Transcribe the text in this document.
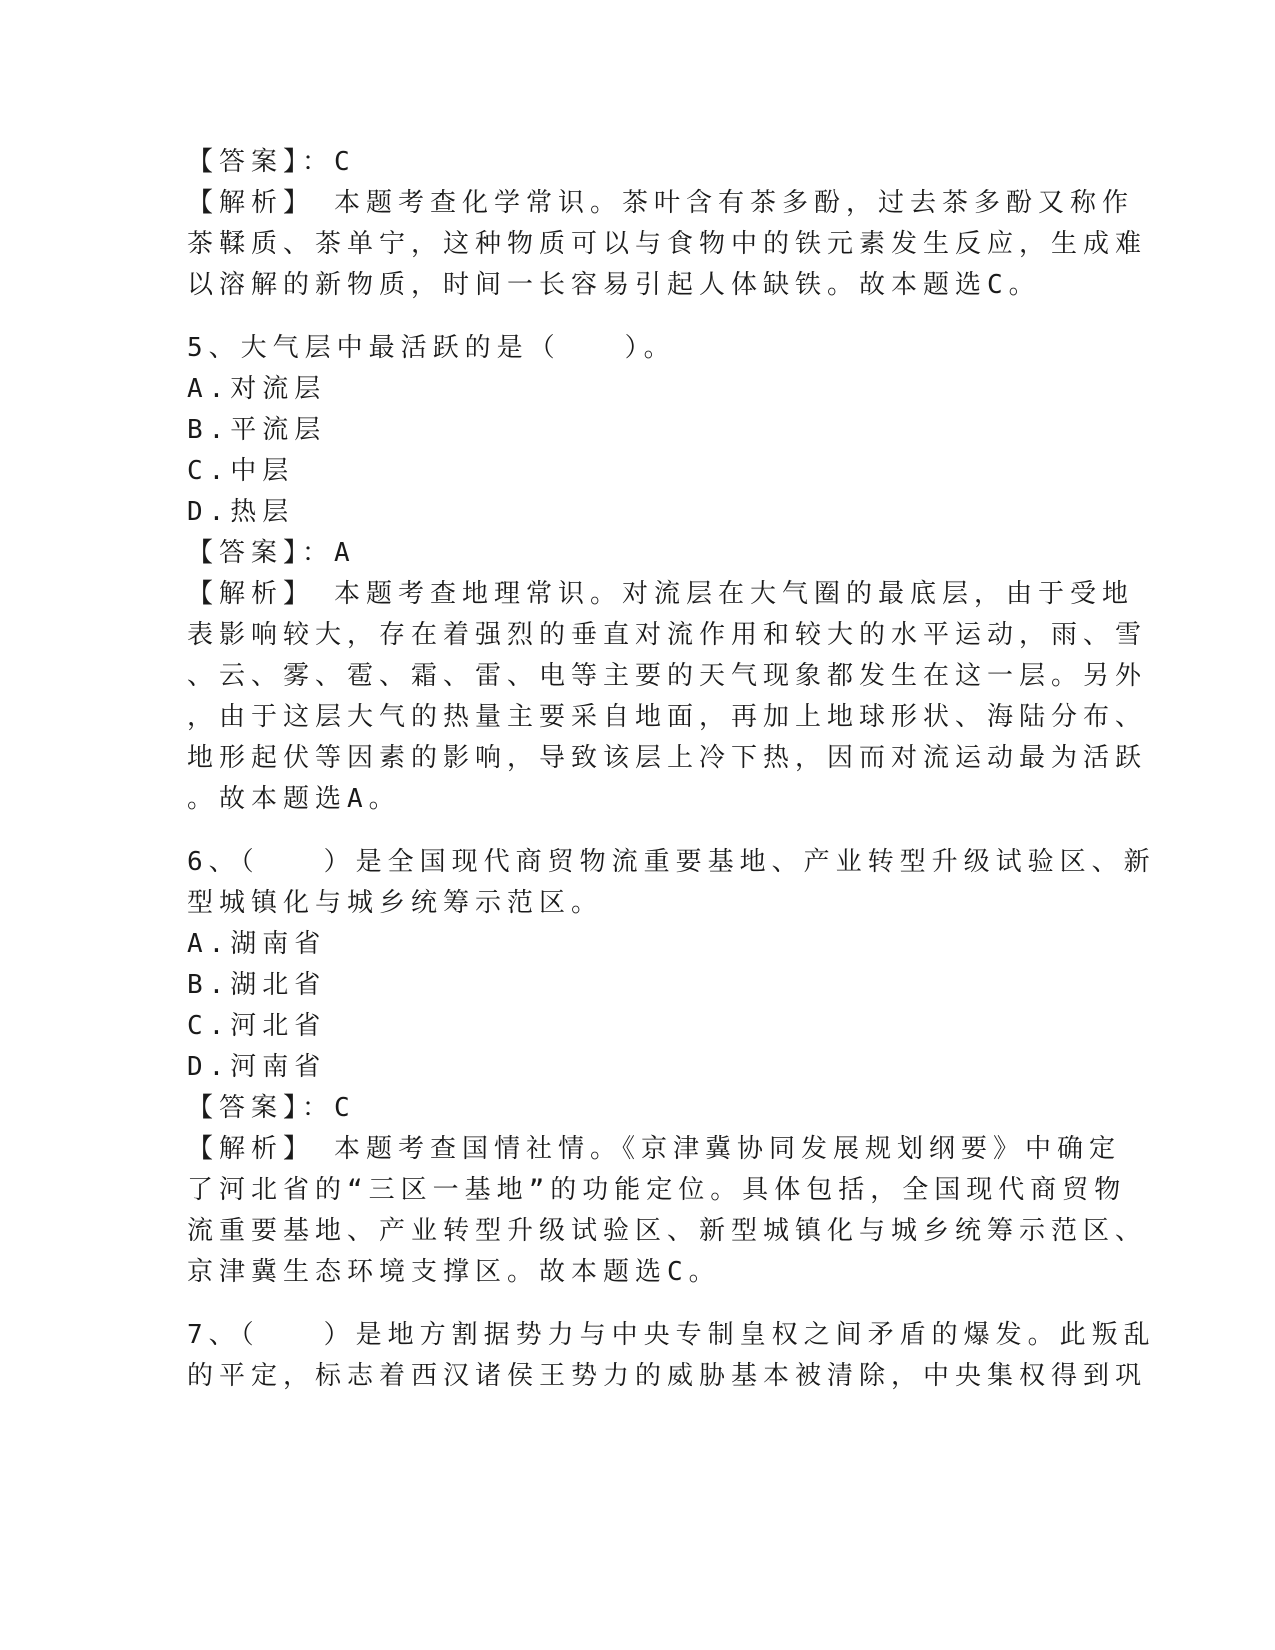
【答案】：C
【解析】　本题考查化学常识。茶叶含有茶多酚，过去茶多酚又称作
茶鞣质、茶单宁，这种物质可以与食物中的铁元素发生反应，生成难
以溶解的新物质，时间一长容易引起人体缺铁。故本题选C。
5、大气层中最活跃的是（　　）。
A.对流层
B.平流层
C.中层
D.热层
【答案】：A
【解析】　本题考查地理常识。对流层在大气圈的最底层，由于受地
表影响较大，存在着强烈的垂直对流作用和较大的水平运动，雨、雪
、云、雾、雹、霜、雷、电等主要的天气现象都发生在这一层。另外
，由于这层大气的热量主要采自地面，再加上地球形状、海陆分布、
地形起伏等因素的影响，导致该层上冷下热，因而对流运动最为活跃
。故本题选A。
6、（　　）是全国现代商贸物流重要基地、产业转型升级试验区、新
型城镇化与城乡统筹示范区。
A.湖南省
B.湖北省
C.河北省
D.河南省
【答案】：C
【解析】　本题考查国情社情。《京津冀协同发展规划纲要》中确定
了河北省的“三区一基地”的功能定位。具体包括，全国现代商贸物
流重要基地、产业转型升级试验区、新型城镇化与城乡统筹示范区、
京津冀生态环境支撑区。故本题选C。
7、（　　）是地方割据势力与中央专制皇权之间矛盾的爆发。此叛乱
的平定，标志着西汉诸侯王势力的威胁基本被清除，中央集权得到巩
